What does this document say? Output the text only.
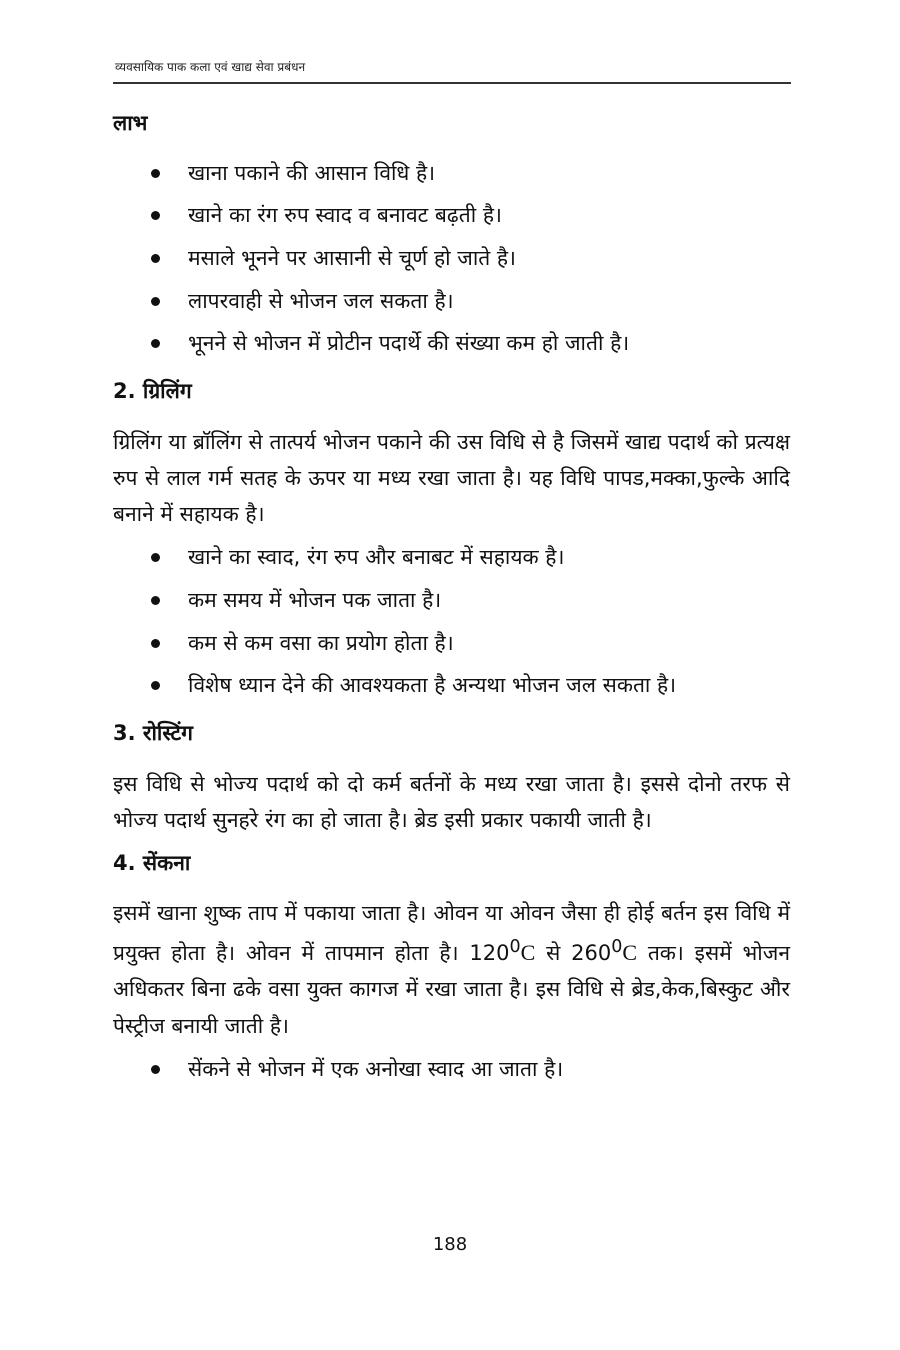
व्यवसायिक पाक कला एवं खाद्य सेवा प्रबंधन
लाभ
खाना पकाने की आसान विधि है।
खाने का रंग रुप स्वाद व बनावट बढ़ती है।
मसाले भूनने पर आसानी से चूर्ण हो जाते है।
लापरवाही से भोजन जल सकता है।
भूनने से भोजन में प्रोटीन पदार्थे की संख्या कम हो जाती है।
2. ग्रिलिंग

ग्रिलिंग या ब्रॉलिंग से तात्पर्य भोजन पकाने की उस विधि से है जिसमें खाद्य पदार्थ को प्रत्यक्ष रुप से लाल गर्म सतह के ऊपर या मध्य रखा जाता है। यह विधि पापड,मक्का,फुल्के आदि बनाने में सहायक है।

खाने का स्वाद, रंग रुप और बनाबट में सहायक है।
कम समय में भोजन पक जाता है।
कम से कम वसा का प्रयोग होता है।
विशेष ध्यान देने की आवश्यकता है अन्यथा भोजन जल सकता है।
3. रोस्टिंग

इस विधि से भोज्य पदार्थ को दो कर्म बर्तनों के मध्य रखा जाता है। इससे दोनो तरफ से भोज्य पदार्थ सुनहरे रंग का हो जाता है। ब्रेड इसी प्रकार पकायी जाती है।

4. सेंकना

इसमें खाना शुष्क ताप में पकाया जाता है। ओवन या ओवन जैसा ही होई बर्तन इस विधि में प्रयुक्त होता है। ओवन में तापमान होता है। $120^0C$ से $260^0C$ तक। इसमें भोजन अधिकतर बिना ढके वसा युक्त कागज में रखा जाता है। इस विधि से ब्रेड,केक,बिस्कुट और पेस्ट्रीज बनायी जाती है।

सेंकने से भोजन में एक अनोखा स्वाद आ जाता है।
188
